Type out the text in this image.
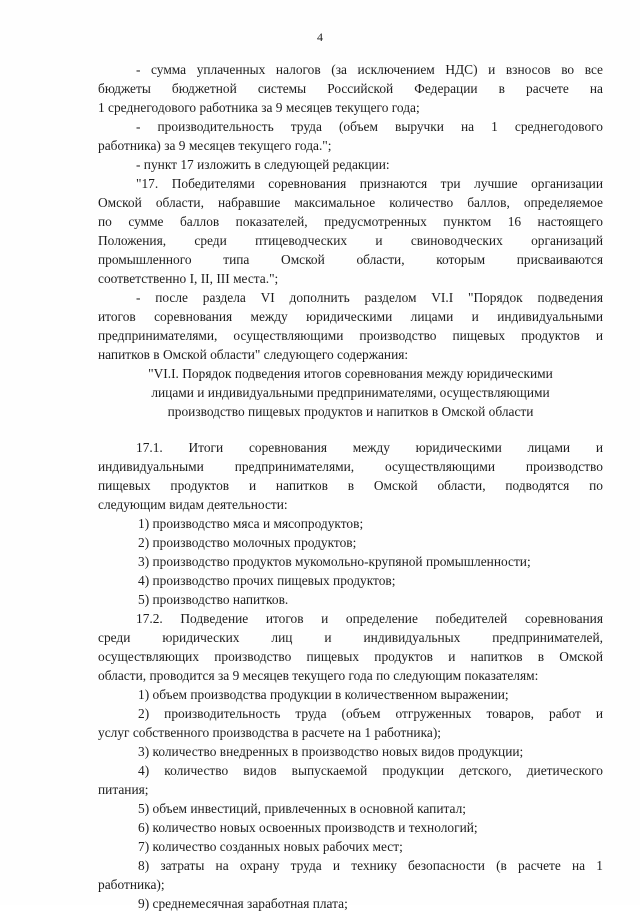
4
- сумма уплаченных налогов (за исключением НДС) и взносов во все
бюджеты бюджетной системы Российской Федерации в расчете на
1 среднегодового работника за 9 месяцев текущего года;
- производительность труда (объем выручки на 1 среднегодового
работника) за 9 месяцев текущего года.";
- пункт 17 изложить в следующей редакции:
"17. Победителями соревнования признаются три лучшие организации
Омской области, набравшие максимальное количество баллов, определяемое
по сумме баллов показателей, предусмотренных пунктом 16 настоящего
Положения, среди птицеводческих и свиноводческих организаций
промышленного типа Омской области, которым присваиваются
соответственно I, II, III места.";
- после раздела VI дополнить разделом VI.I "Порядок подведения
итогов соревнования между юридическими лицами и индивидуальными
предпринимателями, осуществляющими производство пищевых продуктов и
напитков в Омской области" следующего содержания:
"VI.I. Порядок подведения итогов соревнования между юридическими
лицами и индивидуальными предпринимателями, осуществляющими
производство пищевых продуктов и напитков в Омской области
17.1. Итоги соревнования между юридическими лицами и
индивидуальными предпринимателями, осуществляющими производство
пищевых продуктов и напитков в Омской области, подводятся по
следующим видам деятельности:
1) производство мяса и мясопродуктов;
2) производство молочных продуктов;
3) производство продуктов мукомольно-крупяной промышленности;
4) производство прочих пищевых продуктов;
5) производство напитков.
17.2. Подведение итогов и определение победителей соревнования
среди юридических лиц и индивидуальных предпринимателей,
осуществляющих производство пищевых продуктов и напитков в Омской
области, проводится за 9 месяцев текущего года по следующим показателям:
1) объем производства продукции в количественном выражении;
2) производительность труда (объем отгруженных товаров, работ и
услуг собственного производства в расчете на 1 работника);
3) количество внедренных в производство новых видов продукции;
4) количество видов выпускаемой продукции детского, диетического
питания;
5) объем инвестиций, привлеченных в основной капитал;
6) количество новых освоенных производств и технологий;
7) количество созданных новых рабочих мест;
8) затраты на охрану труда и технику безопасности (в расчете на 1
работника);
9) среднемесячная заработная плата;
